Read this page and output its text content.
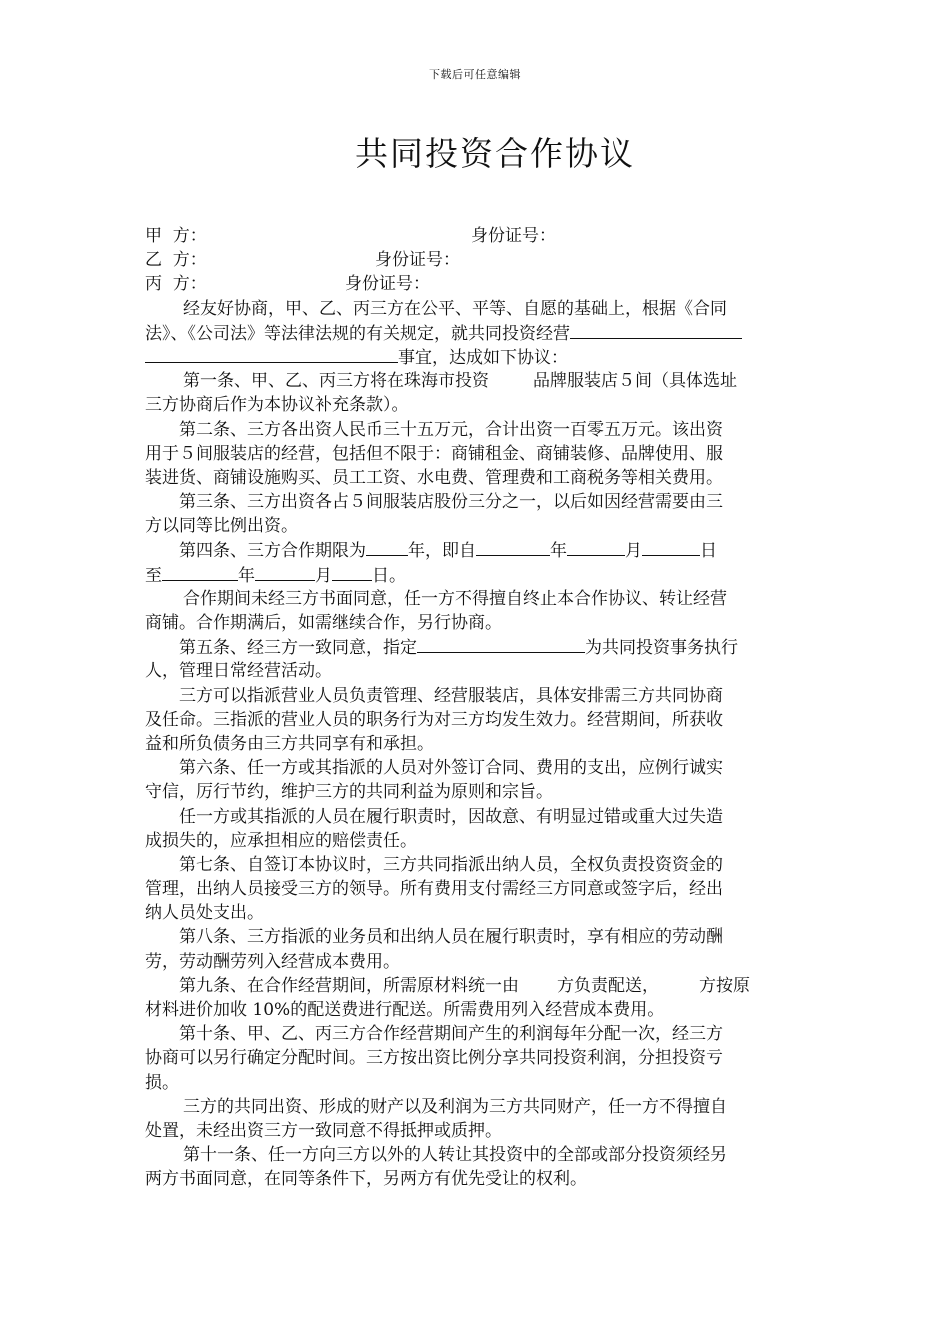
下载后可任意编辑
共同投资合作协议
甲  方：	身份证号：
乙  方：	身份证号：
丙  方：	身份证号：
经友好协商，甲、乙、丙三方在公平、平等、自愿的基础上，根据《合同
法》、《公司法》等法律法规的有关规定，就共同投资经营
事宜，达成如下协议：
第一条、甲、乙、丙三方将在珠海市投资	品牌服装店５间（具体选址
三方协商后作为本协议补充条款）。
第二条、三方各出资人民币三十五万元，合计出资一百零五万元。该出资
用于５间服装店的经营，包括但不限于：商铺租金、商铺装修、品牌使用、服
装进货、商铺设施购买、员工工资、水电费、管理费和工商税务等相关费用。
第三条、三方出资各占５间服装店股份三分之一，以后如因经营需要由三
方以同等比例出资。
第四条、三方合作期限为 年，即自	年	月	日
至	年	月 日。
合作期间未经三方书面同意，任一方不得擅自终止本合作协议、转让经营
商铺。合作期满后，如需继续合作，另行协商。
第五条、经三方一致同意，指定	为共同投资事务执行
人，管理日常经营活动。
三方可以指派营业人员负责管理、经营服装店，具体安排需三方共同协商
及任命。三指派的营业人员的职务行为对三方均发生效力。经营期间，所获收
益和所负债务由三方共同享有和承担。
第六条、任一方或其指派的人员对外签订合同、费用的支出，应例行诚实
守信，厉行节约，维护三方的共同利益为原则和宗旨。
任一方或其指派的人员在履行职责时，因故意、有明显过错或重大过失造
成损失的，应承担相应的赔偿责任。
第七条、自签订本协议时，三方共同指派出纳人员，全权负责投资资金的
管理，出纳人员接受三方的领导。所有费用支付需经三方同意或签字后，经出
纳人员处支出。
第八条、三方指派的业务员和出纳人员在履行职责时，享有相应的劳动酬
劳，劳动酬劳列入经营成本费用。
第九条、在合作经营期间，所需原材料统一由 方负责配送， 方按原
材料进价加收 10%的配送费进行配送。所需费用列入经营成本费用。
第十条、甲、乙、丙三方合作经营期间产生的利润每年分配一次，经三方
协商可以另行确定分配时间。三方按出资比例分享共同投资利润，分担投资亏
损。
三方的共同出资、形成的财产以及利润为三方共同财产，任一方不得擅自
处置，未经出资三方一致同意不得抵押或质押。
第十一条、任一方向三方以外的人转让其投资中的全部或部分投资须经另
两方书面同意，在同等条件下，另两方有优先受让的权利。
